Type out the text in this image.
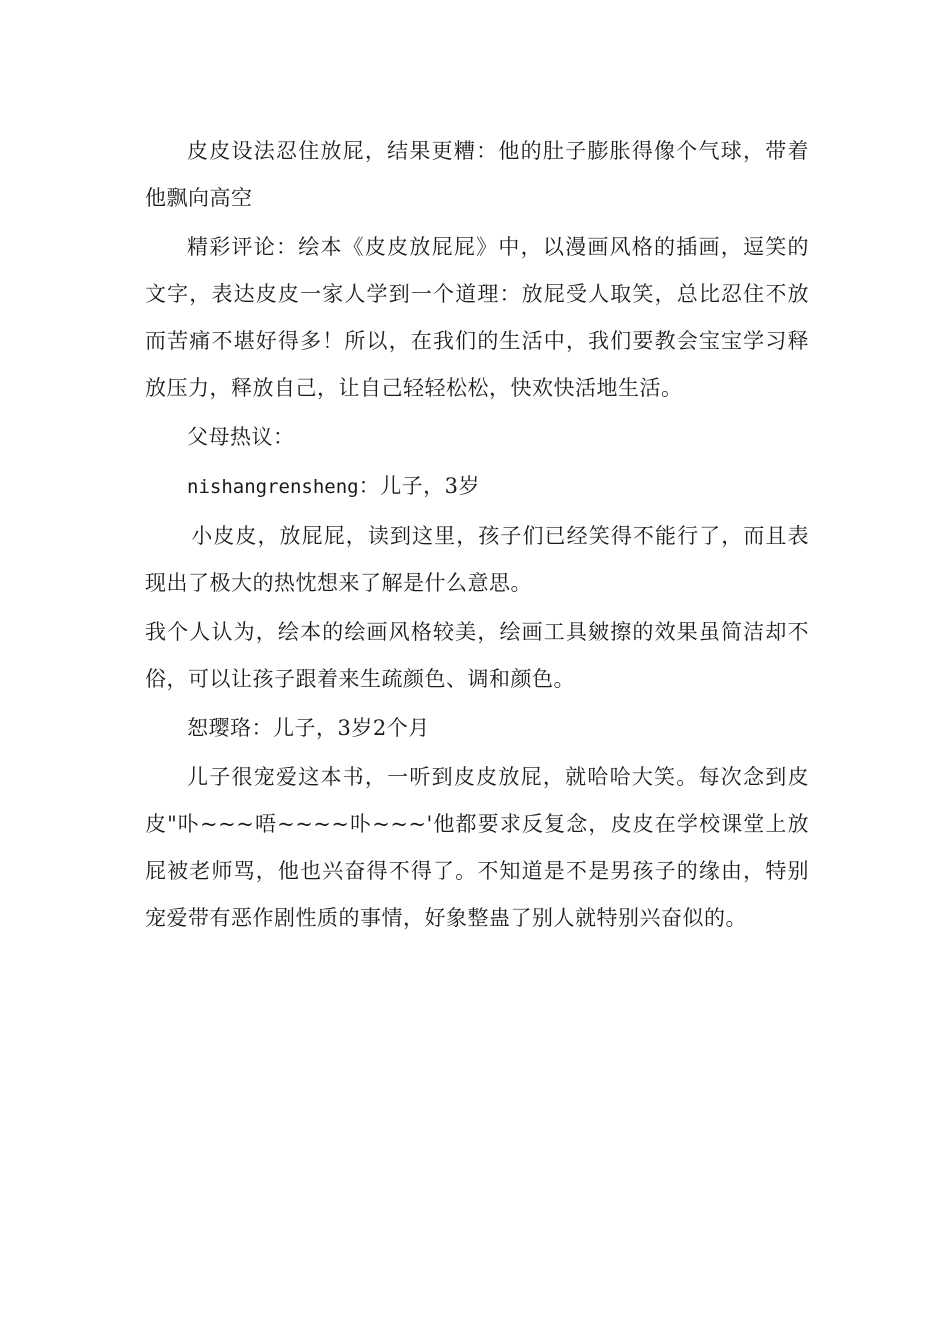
皮皮设法忍住放屁，结果更糟：他的肚子膨胀得像个气球，带着他飘向高空

精彩评论：绘本《皮皮放屁屁》中，以漫画风格的插画，逗笑的文字，表达皮皮一家人学到一个道理：放屁受人取笑，总比忍住不放而苦痛不堪好得多！所以，在我们的生活中，我们要教会宝宝学习释放压力，释放自己，让自己轻轻松松，快欢快活地生活。

父母热议：

nishangrensheng：儿子，3岁

小皮皮，放屁屁，读到这里，孩子们已经笑得不能行了，而且表现出了极大的热忱想来了解是什么意思。

我个人认为，绘本的绘画风格较美，绘画工具皴擦的效果虽简洁却不俗，可以让孩子跟着来生疏颜色、调和颜色。

恕璎珞：儿子，3岁2个月

儿子很宠爱这本书，一听到皮皮放屁，就哈哈大笑。每次念到皮皮"卟~~~唔~~~~卟~~~'他都要求反复念，皮皮在学校课堂上放屁被老师骂，他也兴奋得不得了。不知道是不是男孩子的缘由，特别宠爱带有恶作剧性质的事情，好象整蛊了别人就特别兴奋似的。
